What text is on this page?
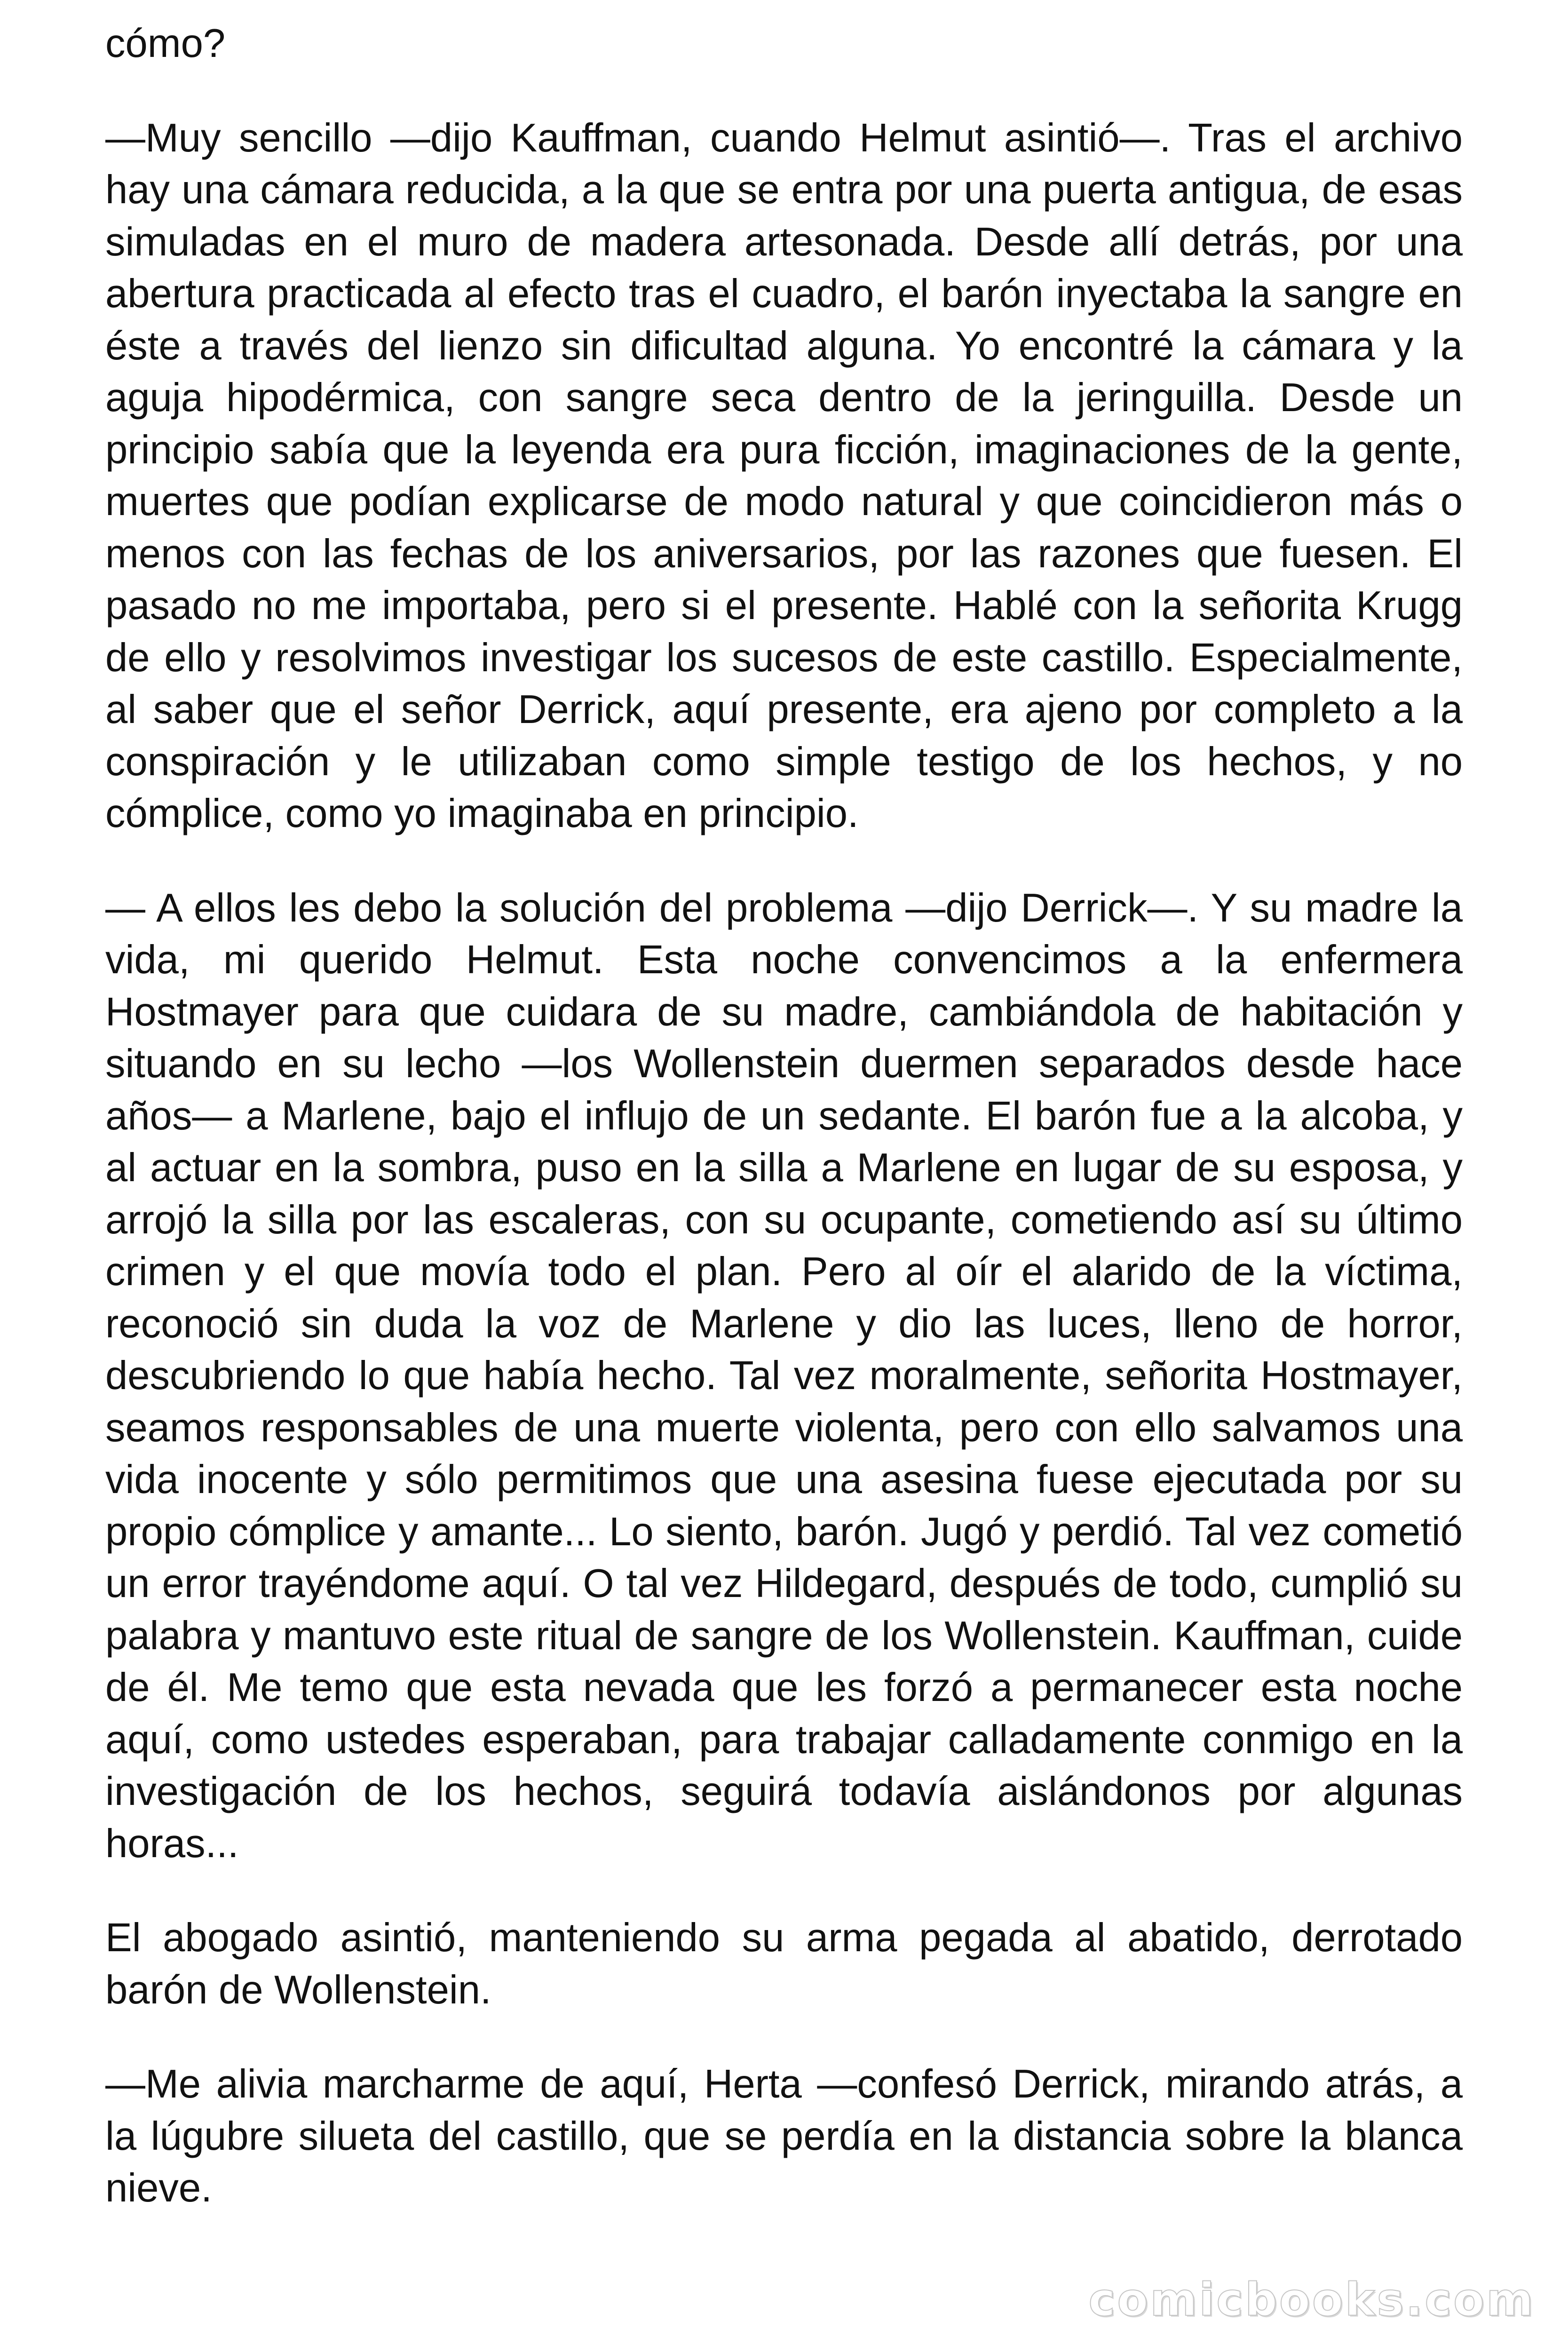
cómo?

—Muy sencillo —dijo Kauffman, cuando Helmut asintió—. Tras el archivo hay una cámara reducida, a la que se entra por una puerta antigua, de esas simuladas en el muro de madera artesonada. Desde allí detrás, por una abertura practicada al efecto tras el cuadro, el barón inyectaba la sangre en éste a través del lienzo sin dificultad alguna. Yo encontré la cámara y la aguja hipodérmica, con sangre seca dentro de la jeringuilla. Desde un principio sabía que la leyenda era pura ficción, imaginaciones de la gente, muertes que podían explicarse de modo natural y que coincidieron más o menos con las fechas de los aniversarios, por las razones que fuesen. El pasado no me importaba, pero si el presente. Hablé con la señorita Krugg de ello y resolvimos investigar los sucesos de este castillo. Especialmente, al saber que el señor Derrick, aquí presente, era ajeno por completo a la conspiración y le utilizaban como simple testigo de los hechos, y no cómplice, como yo imaginaba en principio.

— A ellos les debo la solución del problema —dijo Derrick—. Y su madre la vida, mi querido Helmut. Esta noche convencimos a la enfermera Hostmayer para que cuidara de su madre, cambiándola de habitación y situando en su lecho —los Wollenstein duermen separados desde hace años— a Marlene, bajo el influjo de un sedante. El barón fue a la alcoba, y al actuar en la sombra, puso en la silla a Marlene en lugar de su esposa, y arrojó la silla por las escaleras, con su ocupante, cometiendo así su último crimen y el que movía todo el plan. Pero al oír el alarido de la víctima, reconoció sin duda la voz de Marlene y dio las luces, lleno de horror, descubriendo lo que había hecho. Tal vez moralmente, señorita Hostmayer, seamos responsables de una muerte violenta, pero con ello salvamos una vida inocente y sólo permitimos que una asesina fuese ejecutada por su propio cómplice y amante... Lo siento, barón. Jugó y perdió. Tal vez cometió un error trayéndome aquí. O tal vez Hildegard, después de todo, cumplió su palabra y mantuvo este ritual de sangre de los Wollenstein. Kauffman, cuide de él. Me temo que esta nevada que les forzó a permanecer esta noche aquí, como ustedes esperaban, para trabajar calladamente conmigo en la investigación de los hechos, seguirá todavía aislándonos por algunas horas...

El abogado asintió, manteniendo su arma pegada al abatido, derrotado barón de Wollenstein.

—Me alivia marcharme de aquí, Herta —confesó Derrick, mirando atrás, a la lúgubre silueta del castillo, que se perdía en la distancia sobre la blanca nieve.

comicbooks.com
